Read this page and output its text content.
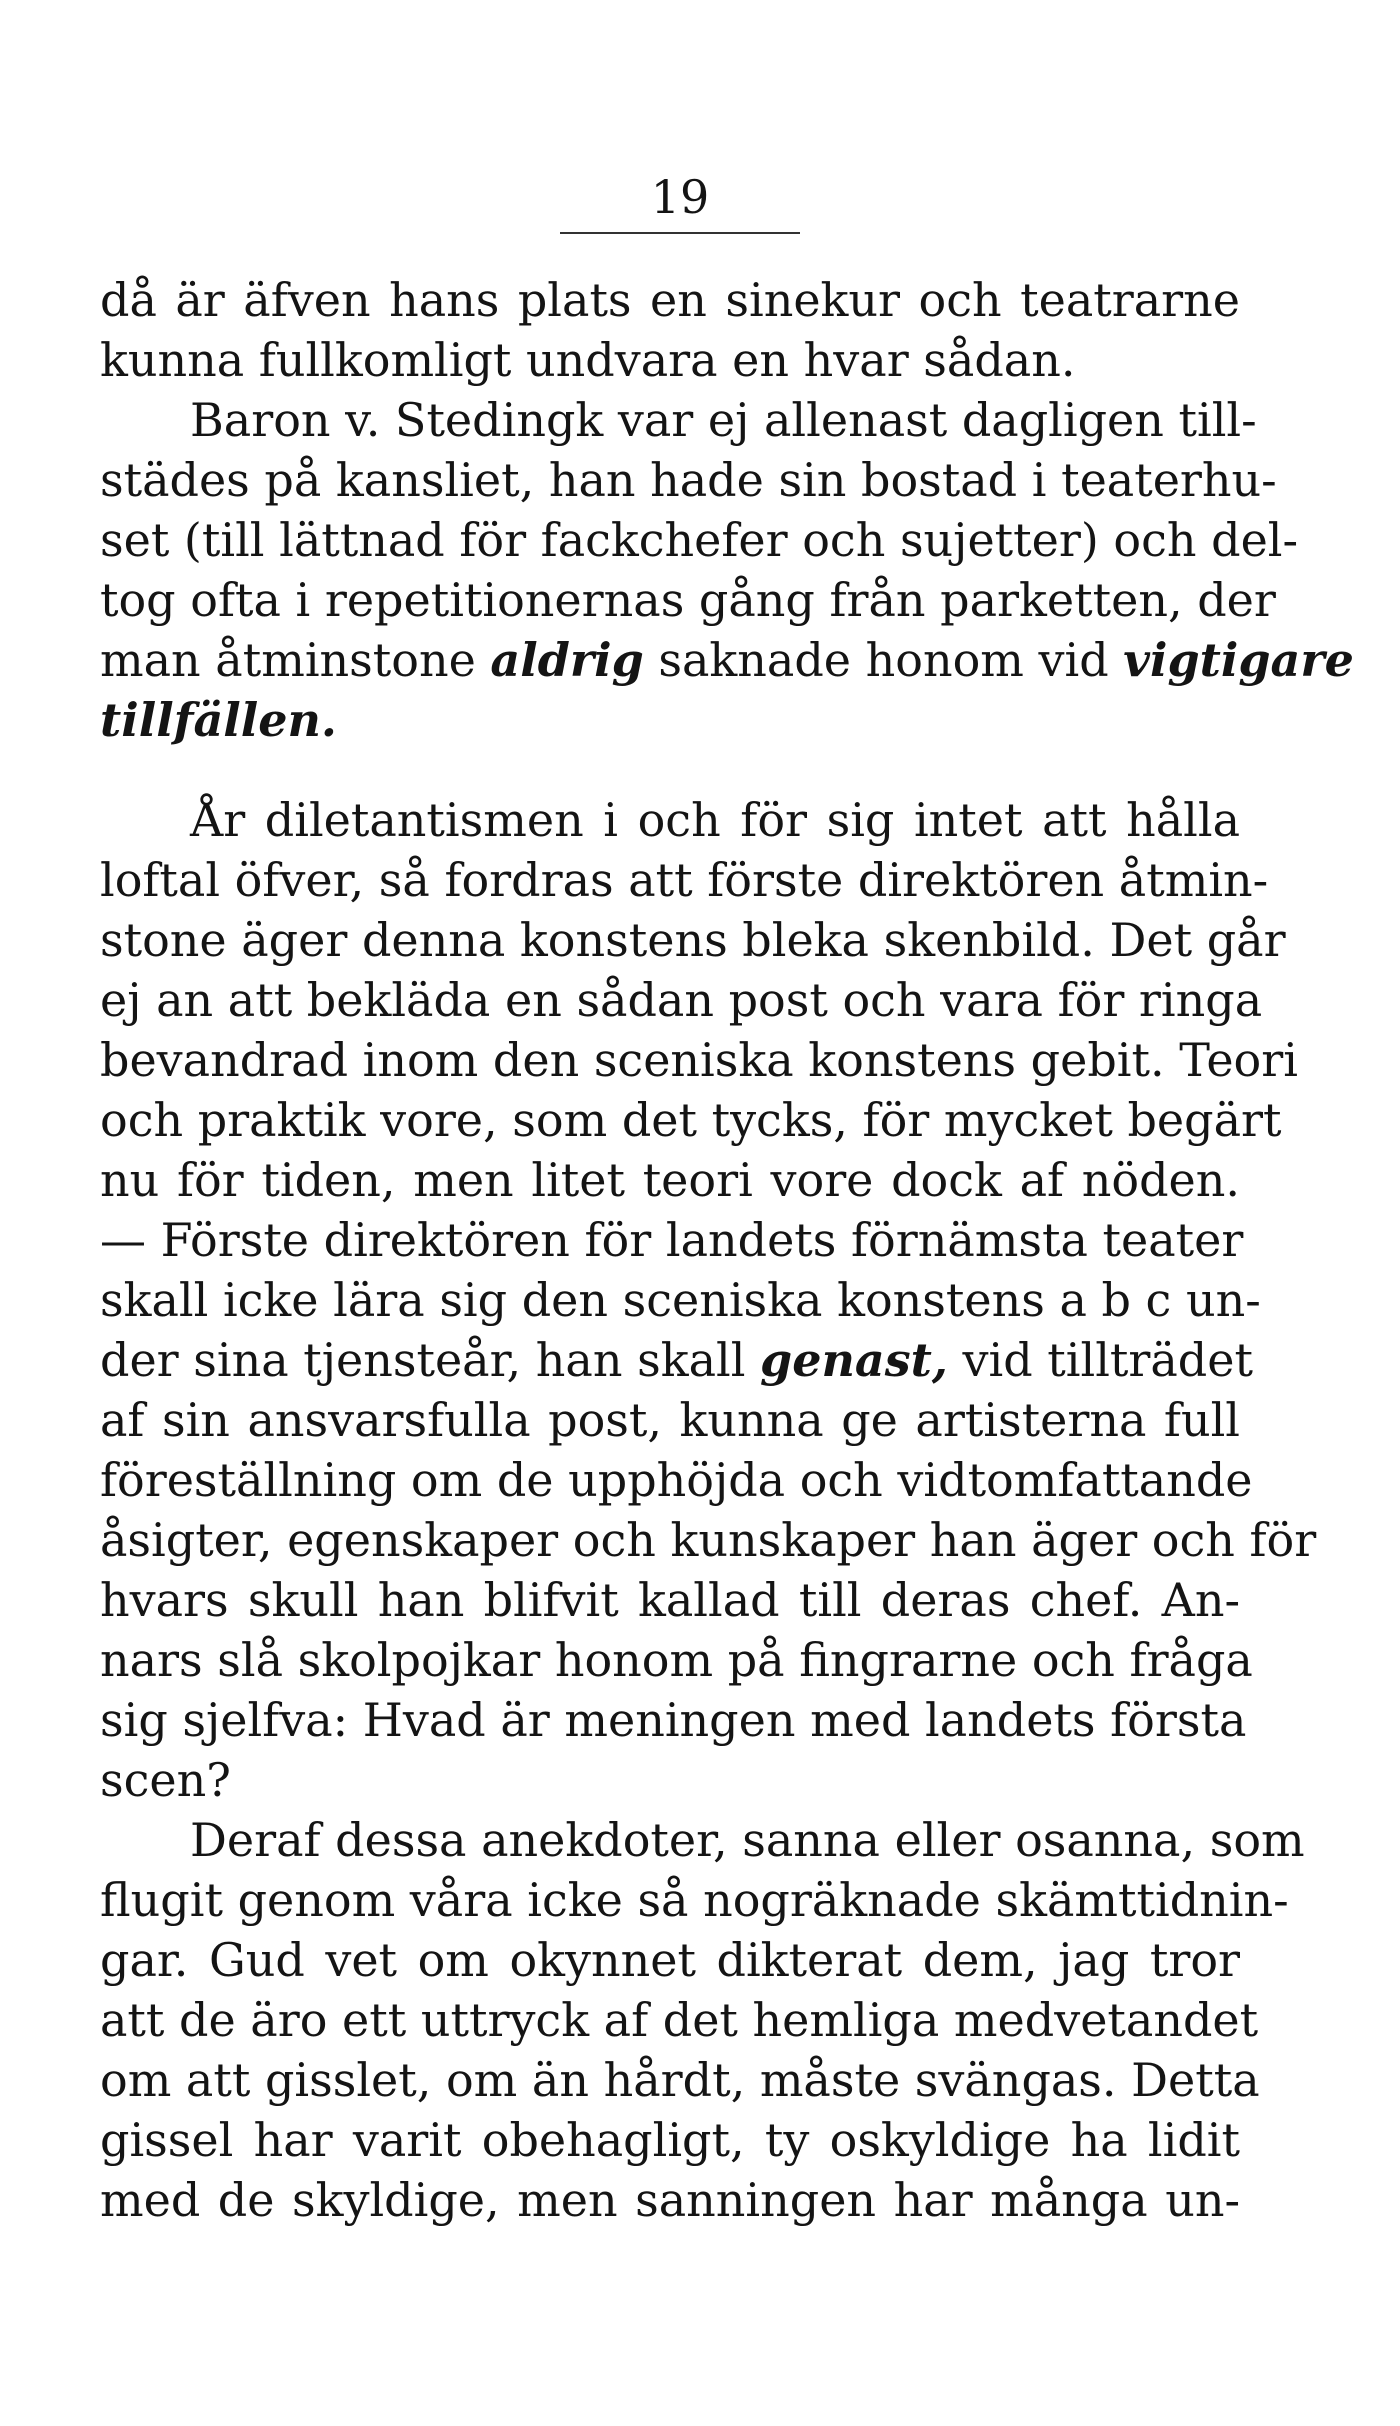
19
då är äfven hans plats en sinekur och teatrarne
kunna fullkomligt undvara en hvar sådan.
Baron v. Stedingk var ej allenast dagligen till-
städes på kansliet, han hade sin bostad i teaterhu-
set (till lättnad för fackchefer och sujetter) och del-
tog ofta i repetitionernas gång från parketten, der
man åtminstone aldrig saknade honom vid vigtigare
tillfällen.
År diletantismen i och för sig intet att hålla
loftal öfver, så fordras att förste direktören åtmin-
stone äger denna konstens bleka skenbild. Det går
ej an att bekläda en sådan post och vara för ringa
bevandrad inom den sceniska konstens gebit. Teori
och praktik vore, som det tycks, för mycket begärt
nu för tiden, men litet teori vore dock af nöden.
— Förste direktören för landets förnämsta teater
skall icke lära sig den sceniska konstens a b c un-
der sina tjensteår, han skall genast, vid tillträdet
af sin ansvarsfulla post, kunna ge artisterna full
föreställning om de upphöjda och vidtomfattande
åsigter, egenskaper och kunskaper han äger och för
hvars skull han blifvit kallad till deras chef. An-
nars slå skolpojkar honom på fingrarne och fråga
sig sjelfva: Hvad är meningen med landets första
scen?
Deraf dessa anekdoter, sanna eller osanna, som
flugit genom våra icke så nogräknade skämttidnin-
gar. Gud vet om okynnet dikterat dem, jag tror
att de äro ett uttryck af det hemliga medvetandet
om att gisslet, om än hårdt, måste svängas. Detta
gissel har varit obehagligt, ty oskyldige ha lidit
med de skyldige, men sanningen har många un-
